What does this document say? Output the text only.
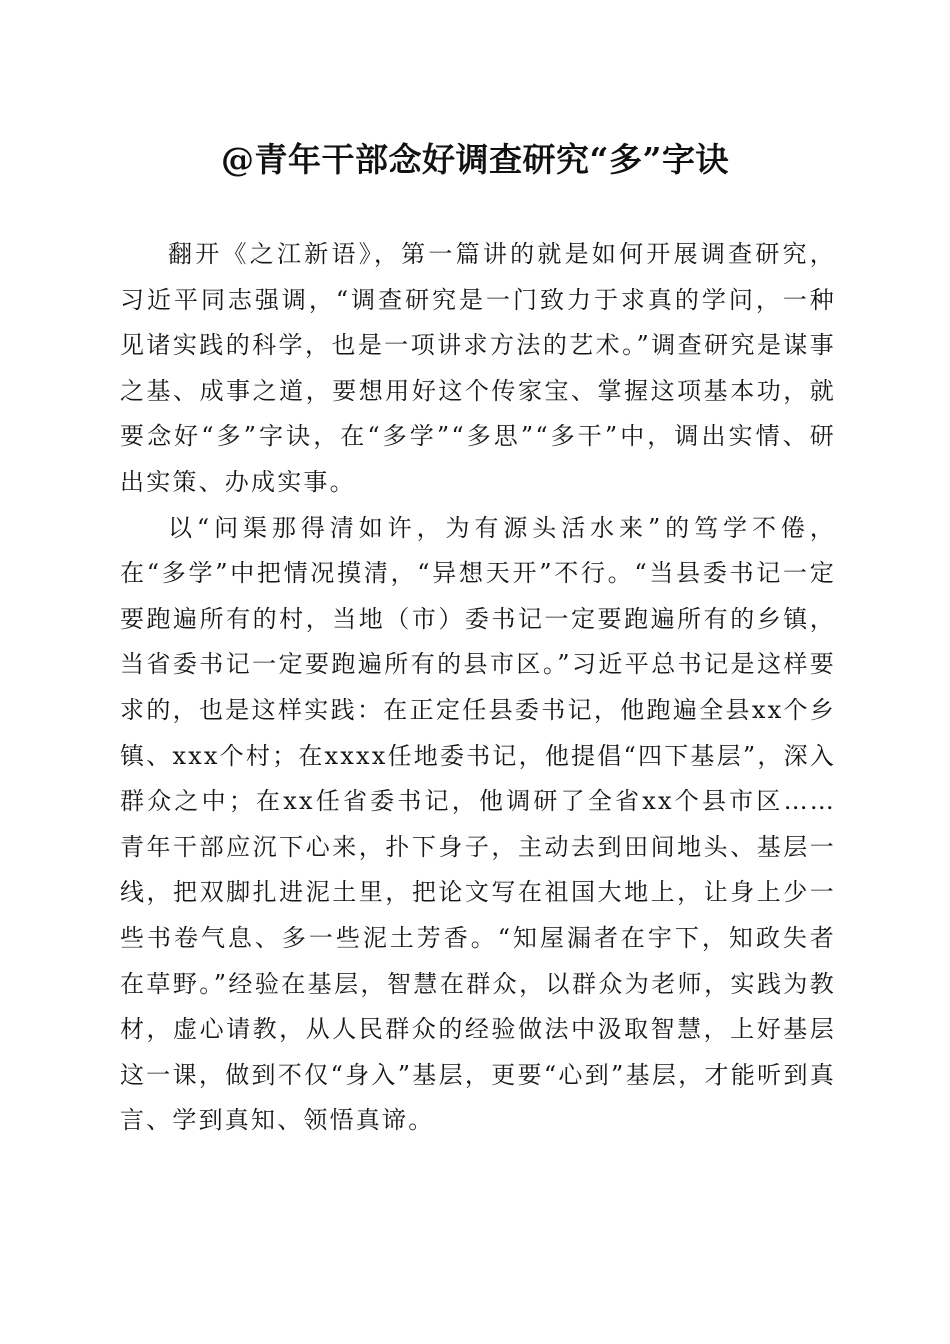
@青年干部念好调查研究“多”字诀

翻开《之江新语》，第一篇讲的就是如何开展调查研究，习近平同志强调，“调查研究是一门致力于求真的学问，一种见诸实践的科学，也是一项讲求方法的艺术。”调查研究是谋事之基、成事之道，要想用好这个传家宝、掌握这项基本功，就要念好“多”字诀，在“多学”“多思”“多干”中，调出实情、研出实策、办成实事。

以“问渠那得清如许，为有源头活水来”的笃学不倦，在“多学”中把情况摸清，“异想天开”不行。“当县委书记一定要跑遍所有的村，当地（市）委书记一定要跑遍所有的乡镇，当省委书记一定要跑遍所有的县市区。”习近平总书记是这样要求的，也是这样实践：在正定任县委书记，他跑遍全县xx个乡镇、xxx个村；在xxxx任地委书记，他提倡“四下基层”，深入群众之中；在xx任省委书记，他调研了全省xx个县市区……青年干部应沉下心来，扑下身子，主动去到田间地头、基层一线，把双脚扎进泥土里，把论文写在祖国大地上，让身上少一些书卷气息、多一些泥土芳香。“知屋漏者在宇下，知政失者在草野。”经验在基层，智慧在群众，以群众为老师，实践为教材，虚心请教，从人民群众的经验做法中汲取智慧，上好基层这一课，做到不仅“身入”基层，更要“心到”基层，才能听到真言、学到真知、领悟真谛。
